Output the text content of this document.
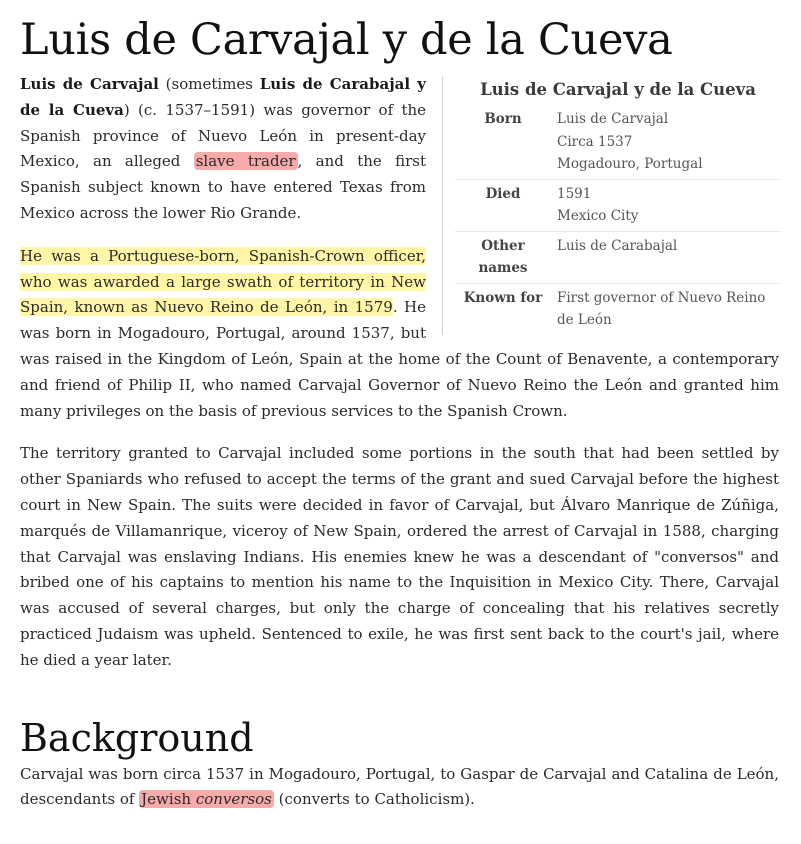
Luis de Carvajal y de la Cueva
Luis de Carvajal y de la Cueva
Born	Luis de Carvajal
Circa 1537
Mogadouro, Portugal

Died	1591
Mexico City

Other names	Luis de Carabajal
Known for	First governor of Nuevo Reino de León

Luis de Carvajal (sometimes Luis de Carabajal y de la Cueva) (c. 1537–1591) was governor of the Spanish province of Nuevo León in present-day Mexico, an alleged slave trader , and the first Spanish subject known to have entered Texas from Mexico across the lower Rio Grande.

He was a Portuguese-born, Spanish-Crown officer, who was awarded a large swath of territory in New Spain, known as Nuevo Reino de León, in 1579. He was born in Mogadouro, Portugal, around 1537, but was raised in the Kingdom of León, Spain at the home of the Count of Benavente, a contemporary and friend of Philip II, who named Carvajal Governor of Nuevo Reino the León and granted him many privileges on the basis of previous services to the Spanish Crown.

The territory granted to Carvajal included some portions in the south that had been settled by other Spaniards who refused to accept the terms of the grant and sued Carvajal before the highest court in New Spain. The suits were decided in favor of Carvajal, but Álvaro Manrique de Zúñiga, marqués de Villamanrique, viceroy of New Spain, ordered the arrest of Carvajal in 1588, charging that Carvajal was enslaving Indians. His enemies knew he was a descendant of "conversos" and bribed one of his captains to mention his name to the Inquisition in Mexico City. There, Carvajal was accused of several charges, but only the charge of concealing that his relatives secretly practiced Judaism was upheld. Sentenced to exile, he was first sent back to the court's jail, where he died a year later.

Background

Carvajal was born circa 1537 in Mogadouro, Portugal, to Gaspar de Carvajal and Catalina de León, descendants of Jewish conversos (converts to Catholicism).
